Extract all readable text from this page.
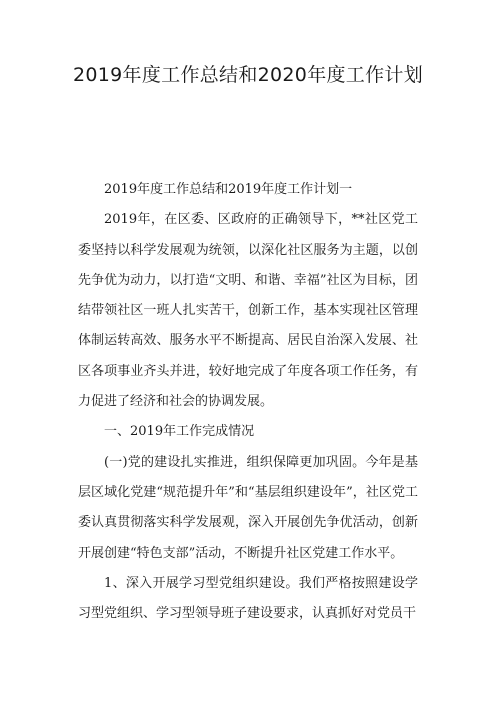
2019年度工作总结和2020年度工作计划

2019年度工作总结和2019年度工作计划一

2019年，在区委、区政府的正确领导下，**社区党工委坚持以科学发展观为统领，以深化社区服务为主题，以创先争优为动力，以打造“文明、和谐、幸福”社区为目标，团结带领社区一班人扎实苦干，创新工作，基本实现社区管理体制运转高效、服务水平不断提高、居民自治深入发展、社区各项事业齐头并进，较好地完成了年度各项工作任务，有力促进了经济和社会的协调发展。

一、2019年工作完成情况

(一)党的建设扎实推进，组织保障更加巩固。今年是基层区域化党建“规范提升年”和“基层组织建设年”，社区党工委认真贯彻落实科学发展观，深入开展创先争优活动，创新开展创建“特色支部”活动，不断提升社区党建工作水平。

1、深入开展学习型党组织建设。我们严格按照建设学习型党组织、学习型领导班子建设要求，认真抓好对党员干
